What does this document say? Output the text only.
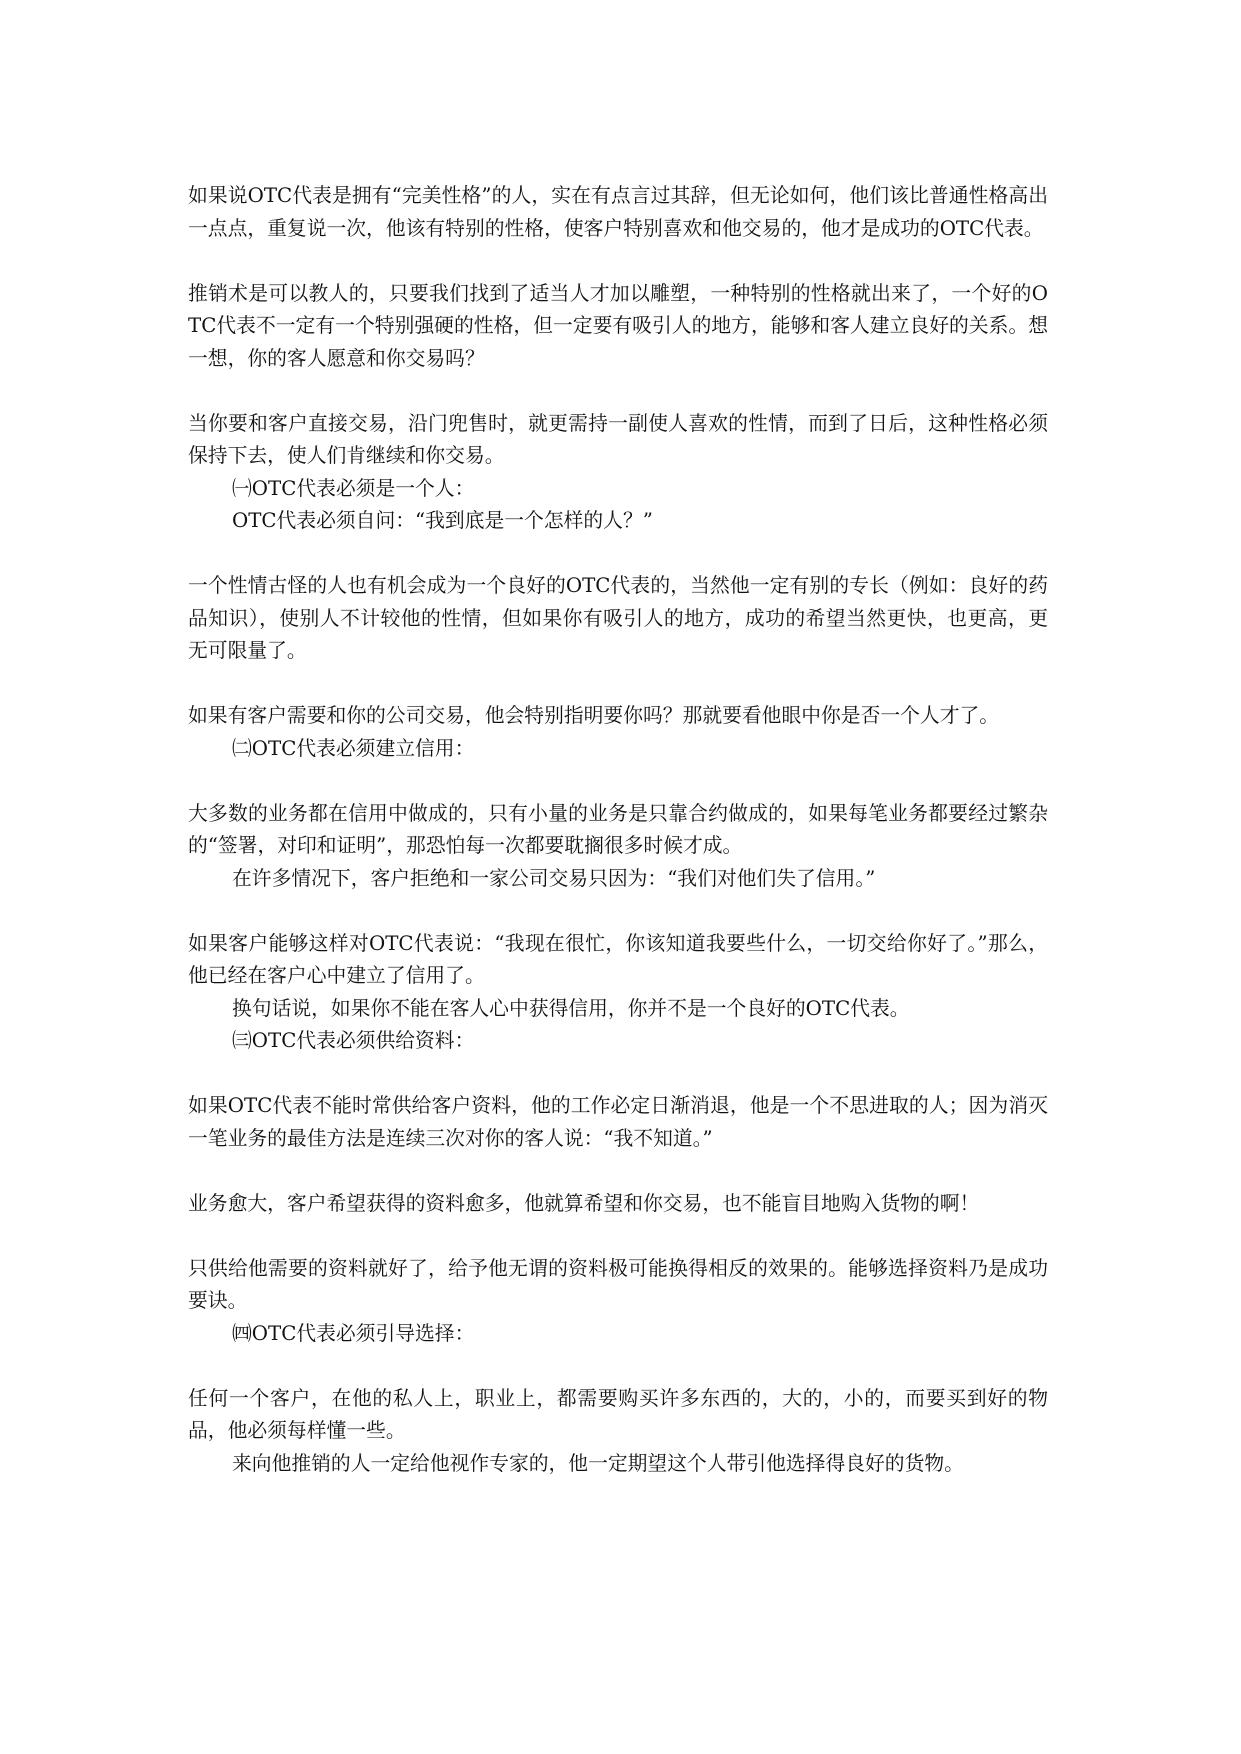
如果说OTC代表是拥有“完美性格”的人，实在有点言过其辞，但无论如何，他们该比普通性格高出一点点，重复说一次，他该有特别的性格，使客户特别喜欢和他交易的，他才是成功的OTC代表。

推销术是可以教人的，只要我们找到了适当人才加以雕塑，一种特别的性格就出来了，一个好的OTC代表不一定有一个特别强硬的性格，但一定要有吸引人的地方，能够和客人建立良好的关系。想一想，你的客人愿意和你交易吗？

当你要和客户直接交易，沿门兜售时，就更需持一副使人喜欢的性情，而到了日后，这种性格必须保持下去，使人们肯继续和你交易。

㈠OTC代表必须是一个人：

OTC代表必须自问：“我到底是一个怎样的人？”

一个性情古怪的人也有机会成为一个良好的OTC代表的，当然他一定有别的专长（例如：良好的药品知识），使别人不计较他的性情，但如果你有吸引人的地方，成功的希望当然更快，也更高，更无可限量了。

如果有客户需要和你的公司交易，他会特别指明要你吗？那就要看他眼中你是否一个人才了。

㈡OTC代表必须建立信用：

大多数的业务都在信用中做成的，只有小量的业务是只靠合约做成的，如果每笔业务都要经过繁杂的“签署，对印和证明”，那恐怕每一次都要耽搁很多时候才成。

在许多情况下，客户拒绝和一家公司交易只因为：“我们对他们失了信用。”

如果客户能够这样对OTC代表说：“我现在很忙，你该知道我要些什么，一切交给你好了。”那么，他已经在客户心中建立了信用了。

换句话说，如果你不能在客人心中获得信用，你并不是一个良好的OTC代表。

㈢OTC代表必须供给资料：

如果OTC代表不能时常供给客户资料，他的工作必定日渐消退，他是一个不思进取的人；因为消灭一笔业务的最佳方法是连续三次对你的客人说：“我不知道。”

业务愈大，客户希望获得的资料愈多，他就算希望和你交易，也不能盲目地购入货物的啊！

只供给他需要的资料就好了，给予他无谓的资料极可能换得相反的效果的。能够选择资料乃是成功要诀。

㈣OTC代表必须引导选择：

任何一个客户，在他的私人上，职业上，都需要购买许多东西的，大的，小的，而要买到好的物品，他必须每样懂一些。

来向他推销的人一定给他视作专家的，他一定期望这个人带引他选择得良好的货物。
